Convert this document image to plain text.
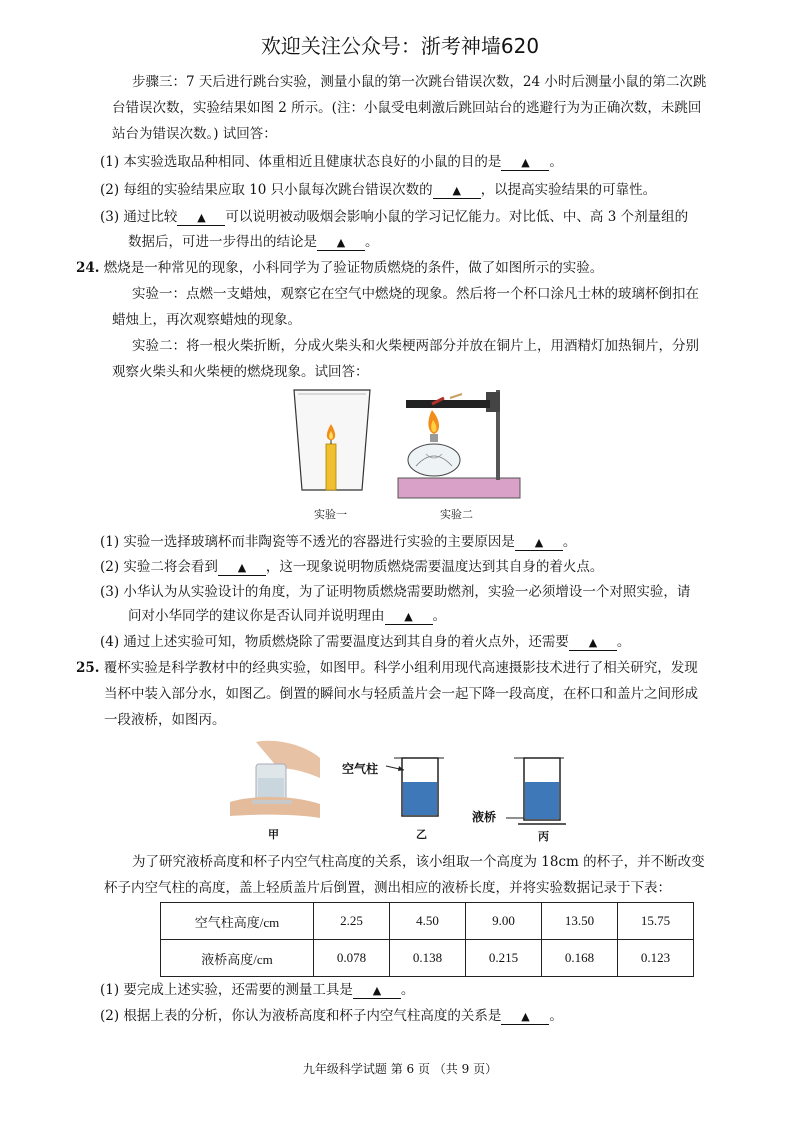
欢迎关注公众号：浙考神墙620
步骤三：7 天后进行跳台实验，测量小鼠的第一次跳台错误次数，24 小时后测量小鼠的第二次跳
台错误次数，实验结果如图 2 所示。(注：小鼠受电刺激后跳回站台的逃避行为为正确次数，未跳回
站台为错误次数。) 试回答：
(1) 本实验选取品种相同、体重相近且健康状态良好的小鼠的目的是 ▲ 。
(2) 每组的实验结果应取 10 只小鼠每次跳台错误次数的 ▲ ，以提高实验结果的可靠性。
(3) 通过比较 ▲ 可以说明被动吸烟会影响小鼠的学习记忆能力。对比低、中、高 3 个剂量组的
数据后，可进一步得出的结论是 ▲ 。
24. 燃烧是一种常见的现象，小科同学为了验证物质燃烧的条件，做了如图所示的实验。
实验一：点燃一支蜡烛，观察它在空气中燃烧的现象。然后将一个杯口涂凡士林的玻璃杯倒扣在
蜡烛上，再次观察蜡烛的现象。
实验二：将一根火柴折断，分成火柴头和火柴梗两部分并放在铜片上，用酒精灯加热铜片，分别
观察火柴头和火柴梗的燃烧现象。试回答：
实验一	实验二
(1) 实验一选择玻璃杯而非陶瓷等不透光的容器进行实验的主要原因是 ▲ 。
(2) 实验二将会看到 ▲ ，这一现象说明物质燃烧需要温度达到其自身的着火点。
(3) 小华认为从实验设计的角度，为了证明物质燃烧需要助燃剂，实验一必须增设一个对照实验，请
问对小华同学的建议你是否认同并说明理由 ▲ 。
(4) 通过上述实验可知，物质燃烧除了需要温度达到其自身的着火点外，还需要 ▲ 。
25. 覆杯实验是科学教材中的经典实验，如图甲。科学小组利用现代高速摄影技术进行了相关研究，发现
当杯中装入部分水，如图乙。倒置的瞬间水与轻质盖片会一起下降一段高度，在杯口和盖片之间形成
一段液桥，如图丙。
甲
空气柱
乙
液桥
丙
为了研究液桥高度和杯子内空气柱高度的关系，该小组取一个高度为 18cm 的杯子，并不断改变
杯子内空气柱的高度，盖上轻质盖片后倒置，测出相应的液桥长度，并将实验数据记录于下表：
空气柱高度/cm	2.25	4.50	9.00	13.50	15.75
液桥高度/cm	0.078	0.138	0.215	0.168	0.123
(1) 要完成上述实验，还需要的测量工具是 ▲ 。
(2) 根据上表的分析，你认为液桥高度和杯子内空气柱高度的关系是 ▲ 。
九年级科学试题 第 6 页 （共 9 页）
